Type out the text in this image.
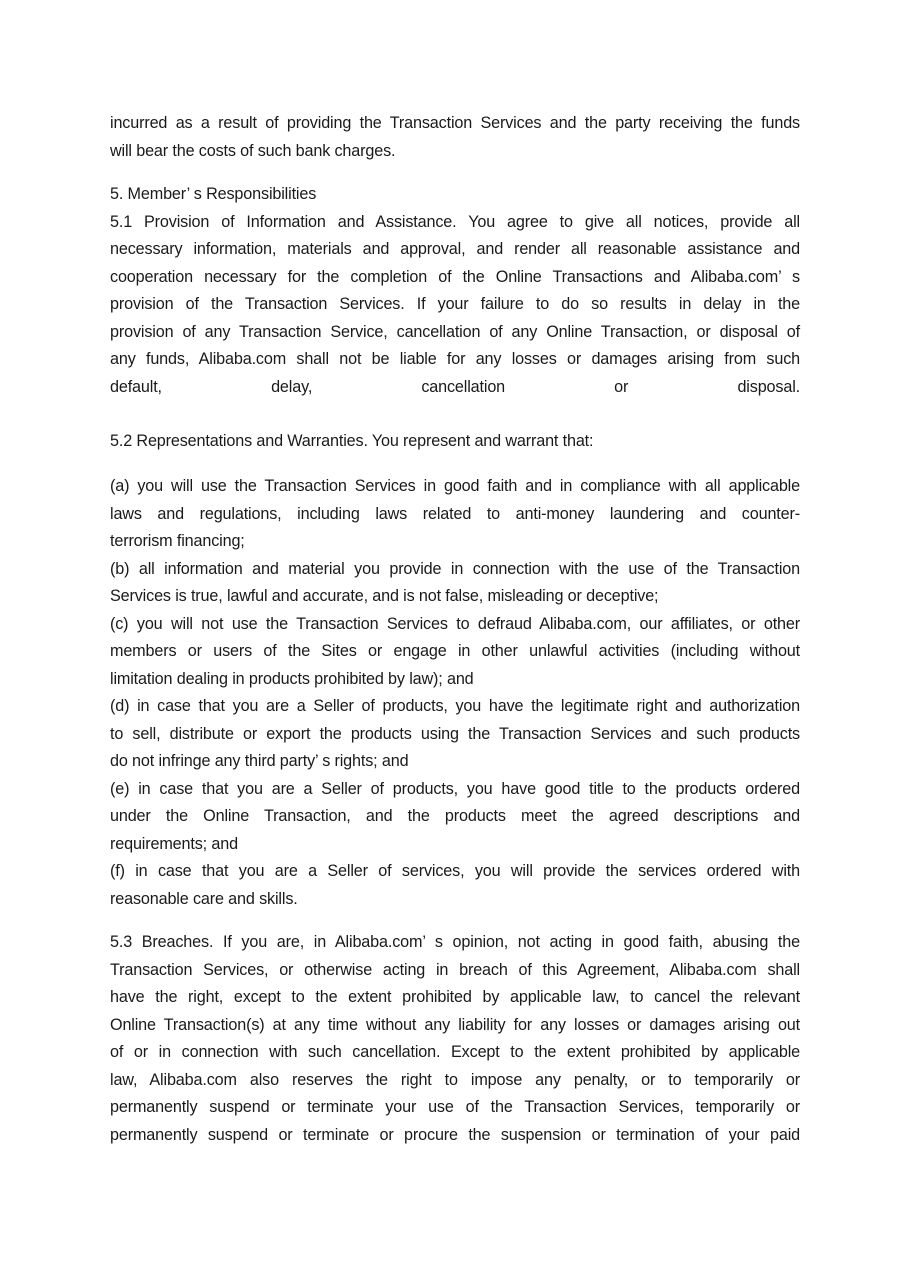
incurred as a result of providing the Transaction Services and the party receiving the funds
will bear the costs of such bank charges.
5. Member’ s Responsibilities
5.1 Provision of Information and Assistance. You agree to give all notices, provide all
necessary information, materials and approval, and render all reasonable assistance and
cooperation necessary for the completion of the Online Transactions and Alibaba.com’ s
provision of the Transaction Services. If your failure to do so results in delay in the
provision of any Transaction Service, cancellation of any Online Transaction, or disposal of
any funds, Alibaba.com shall not be liable for any losses or damages arising from such
default, delay, cancellation or disposal.
5.2 Representations and Warranties. You represent and warrant that:
(a) you will use the Transaction Services in good faith and in compliance with all applicable
laws and regulations, including laws related to anti-money laundering and counter-
terrorism financing;
(b) all information and material you provide in connection with the use of the Transaction
Services is true, lawful and accurate, and is not false, misleading or deceptive;
(c) you will not use the Transaction Services to defraud Alibaba.com, our affiliates, or other
members or users of the Sites or engage in other unlawful activities (including without
limitation dealing in products prohibited by law); and
(d) in case that you are a Seller of products, you have the legitimate right and authorization
to sell, distribute or export the products using the Transaction Services and such products
do not infringe any third party’ s rights; and
(e) in case that you are a Seller of products, you have good title to the products ordered
under the Online Transaction, and the products meet the agreed descriptions and
requirements; and
(f) in case that you are a Seller of services, you will provide the services ordered with
reasonable care and skills.
5.3 Breaches. If you are, in Alibaba.com’ s opinion, not acting in good faith, abusing the
Transaction Services, or otherwise acting in breach of this Agreement, Alibaba.com shall
have the right, except to the extent prohibited by applicable law, to cancel the relevant
Online Transaction(s) at any time without any liability for any losses or damages arising out
of or in connection with such cancellation. Except to the extent prohibited by applicable
law, Alibaba.com also reserves the right to impose any penalty, or to temporarily or
permanently suspend or terminate your use of the Transaction Services, temporarily or
permanently suspend or terminate or procure the suspension or termination of your paid
